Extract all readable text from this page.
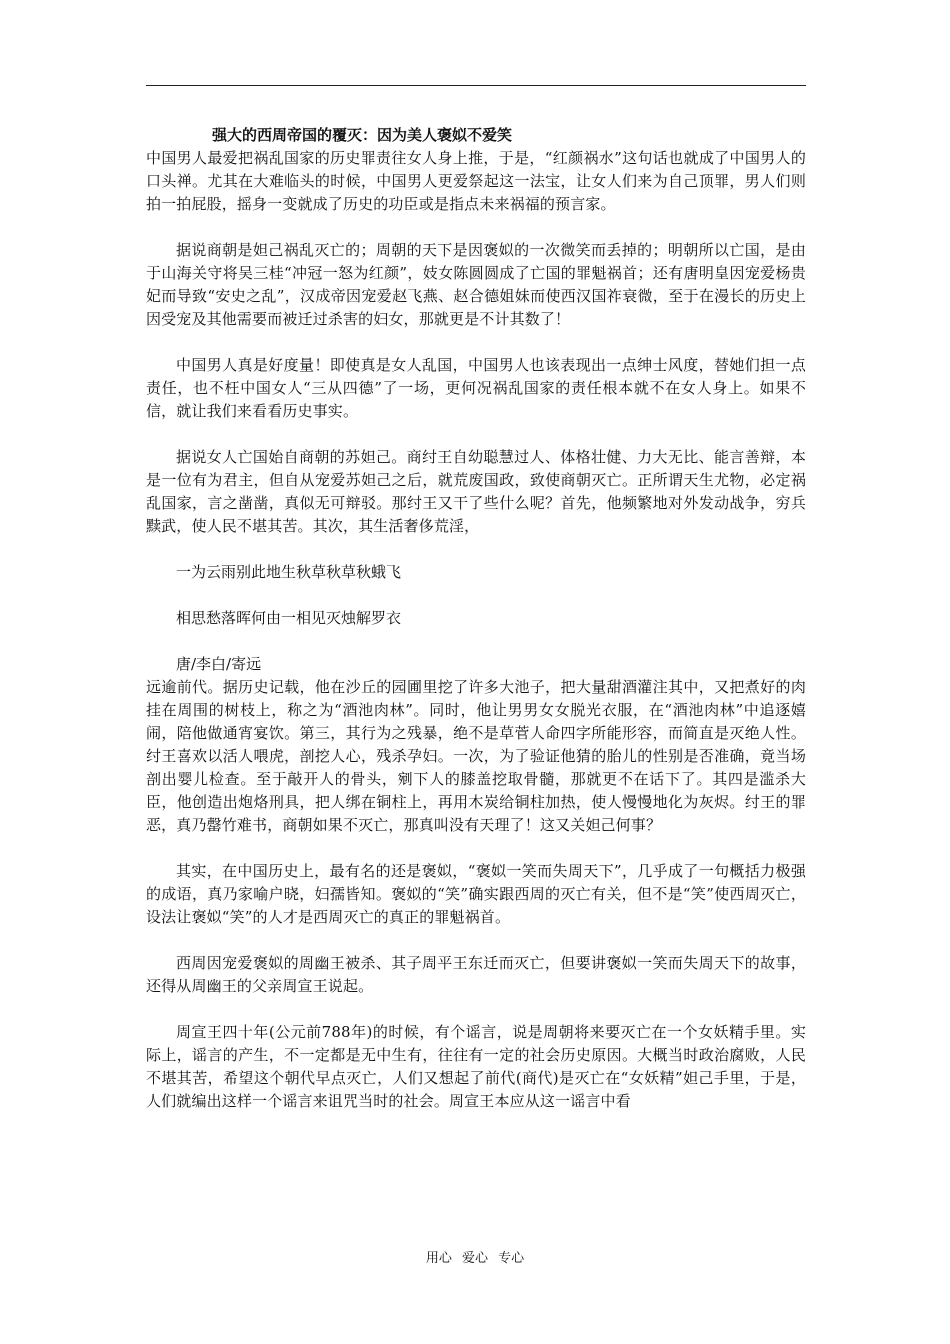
强大的西周帝国的覆灭：因为美人褒姒不爱笑

中国男人最爱把祸乱国家的历史罪责往女人身上推，于是，“红颜祸水”这句话也就成了中国男人的口头禅。尤其在大难临头的时候，中国男人更爱祭起这一法宝，让女人们来为自己顶罪，男人们则拍一拍屁股，摇身一变就成了历史的功臣或是指点未来祸福的预言家。

据说商朝是妲己祸乱灭亡的；周朝的天下是因褒姒的一次微笑而丢掉的；明朝所以亡国，是由于山海关守将吴三桂“冲冠一怒为红颜”，妓女陈圆圆成了亡国的罪魁祸首；还有唐明皇因宠爱杨贵妃而导致“安史之乱”，汉成帝因宠爱赵飞燕、赵合德姐妹而使西汉国祚衰微，至于在漫长的历史上因受宠及其他需要而被迁过杀害的妇女，那就更是不计其数了！

中国男人真是好度量！即使真是女人乱国，中国男人也该表现出一点绅士风度，替她们担一点责任，也不枉中国女人“三从四德”了一场，更何况祸乱国家的责任根本就不在女人身上。如果不信，就让我们来看看历史事实。

据说女人亡国始自商朝的苏妲己。商纣王自幼聪慧过人、体格壮健、力大无比、能言善辩，本是一位有为君主，但自从宠爱苏妲己之后，就荒废国政，致使商朝灭亡。正所谓天生尤物，必定祸乱国家，言之凿凿，真似无可辩驳。那纣王又干了些什么呢？首先，他频繁地对外发动战争，穷兵黩武，使人民不堪其苦。其次，其生活奢侈荒淫，

一为云雨别此地生秋草秋草秋蛾飞

相思愁落晖何由一相见灭烛解罗衣

唐/李白/寄远

远逾前代。据历史记载，他在沙丘的园圃里挖了许多大池子，把大量甜酒灌注其中，又把煮好的肉挂在周围的树枝上，称之为“酒池肉林”。同时，他让男男女女脱光衣服，在“酒池肉林”中追逐嬉闹，陪他做通宵宴饮。第三，其行为之残暴，绝不是草菅人命四字所能形容，而简直是灭绝人性。纣王喜欢以活人喂虎，剖挖人心，残杀孕妇。一次，为了验证他猜的胎儿的性别是否准确，竟当场剖出婴儿检查。至于敲开人的骨头，剜下人的膝盖挖取骨髓，那就更不在话下了。其四是滥杀大臣，他创造出炮烙刑具，把人绑在铜柱上，再用木炭给铜柱加热，使人慢慢地化为灰烬。纣王的罪恶，真乃罄竹难书，商朝如果不灭亡，那真叫没有天理了！这又关妲己何事？

其实，在中国历史上，最有名的还是褒姒，“褒姒一笑而失周天下”，几乎成了一句概括力极强的成语，真乃家喻户晓，妇孺皆知。褒姒的“笑”确实跟西周的灭亡有关，但不是“笑”使西周灭亡，设法让褒姒“笑”的人才是西周灭亡的真正的罪魁祸首。

西周因宠爱褒姒的周幽王被杀、其子周平王东迁而灭亡，但要讲褒姒一笑而失周天下的故事，还得从周幽王的父亲周宣王说起。

周宣王四十年(公元前788年)的时候，有个谣言，说是周朝将来要灭亡在一个女妖精手里。实际上，谣言的产生，不一定都是无中生有，往往有一定的社会历史原因。大概当时政治腐败，人民不堪其苦，希望这个朝代早点灭亡，人们又想起了前代(商代)是灭亡在“女妖精”妲己手里，于是，人们就编出这样一个谣言来诅咒当时的社会。周宣王本应从这一谣言中看

用心 爱心 专心
